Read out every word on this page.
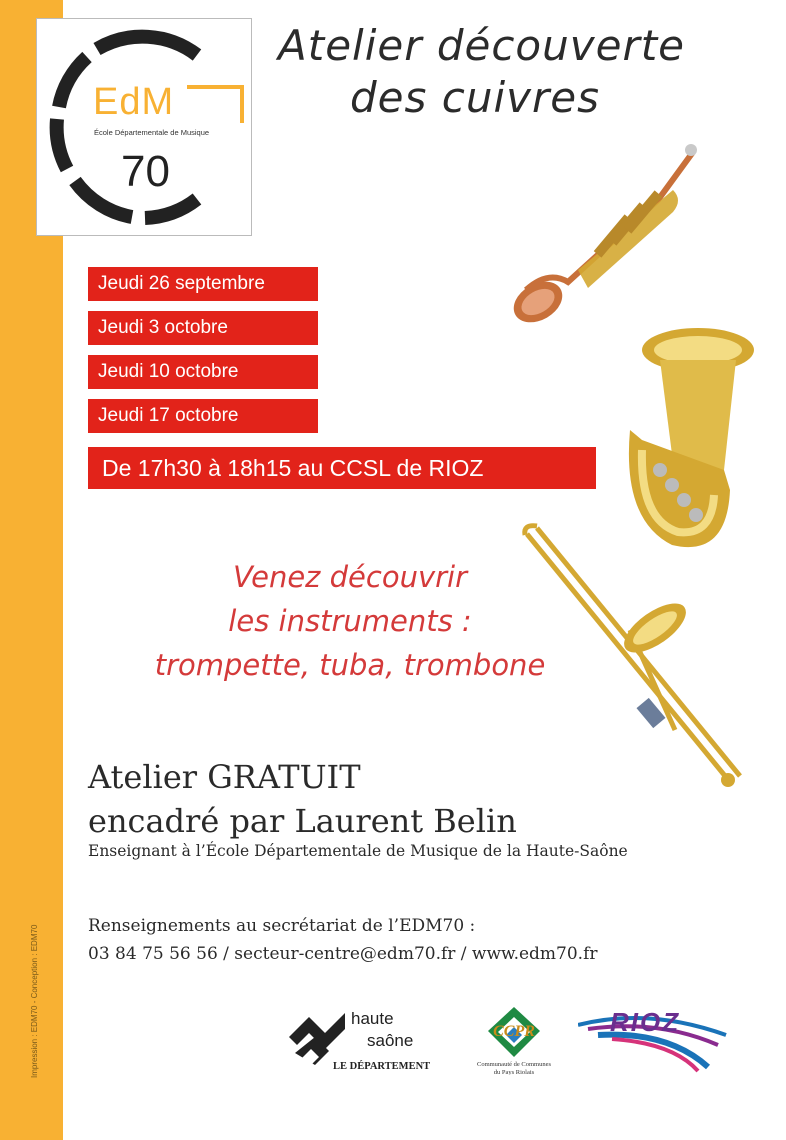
Impression : EDM70 - Conception : EDM70
EdM
École Départementale de Musique
70
Atelier découverte
des cuivres
Jeudi 26 septembre
Jeudi 3 octobre
Jeudi 10 octobre
Jeudi 17 octobre
De 17h30 à 18h15 au CCSL de RIOZ
Venez découvrir
les instruments :
trompette, tuba, trombone
Atelier GRATUIT
encadré par Laurent Belin
Enseignant à l’École Départementale de Musique de la Haute-Saône
Renseignements au secrétariat de l’EDM70 :
03 84 75 56 56 / secteur-centre@edm70.fr / www.edm70.fr
haute
saône
LE DÉPARTEMENT
CCPR
Communauté de Communes
du Pays Riolais
RIOZ
